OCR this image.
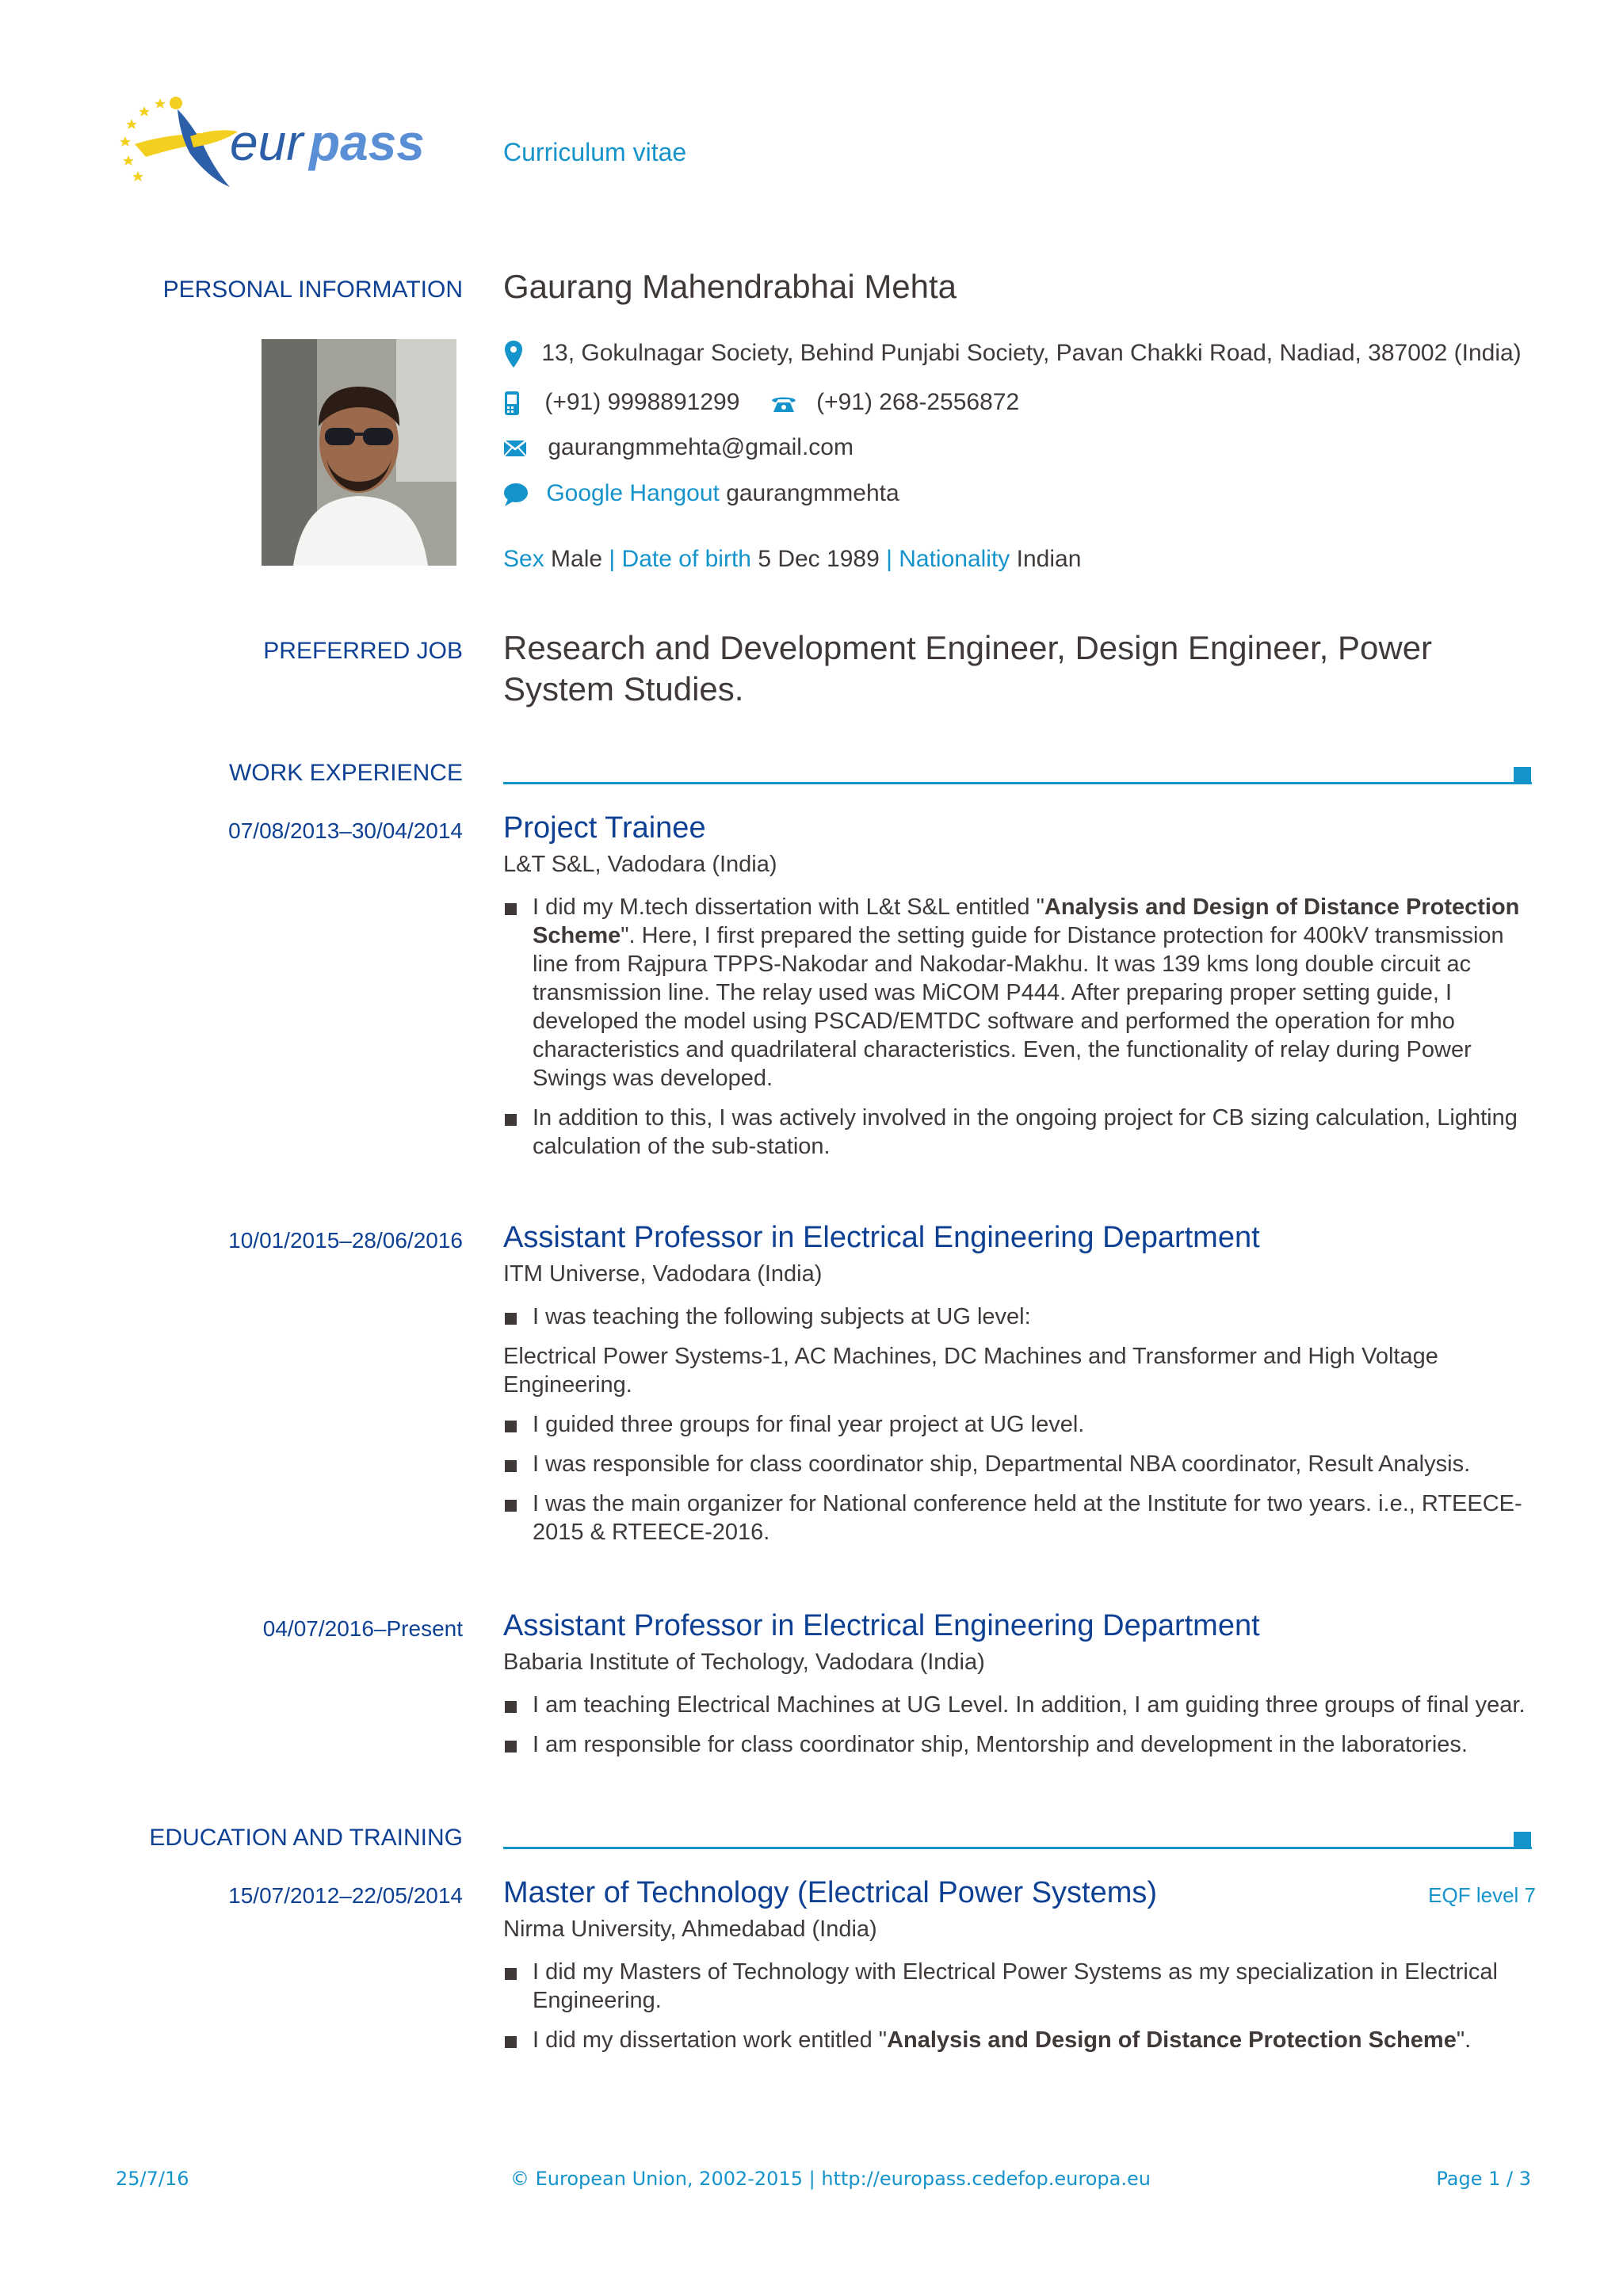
eur pass	Curriculum vitae
PERSONAL INFORMATION Gaurang Mahendrabhai Mehta
13, Gokulnagar Society, Behind Punjabi Society, Pavan Chakki Road, Nadiad, 387002 (India)
(+91) 9998891299	(+91) 268-2556872
gaurangmmehta@gmail.com
Google Hangout gaurangmmehta
Sex Male | Date of birth 5 Dec 1989 | Nationality Indian
PREFERRED JOB Research and Development Engineer, Design Engineer, Power
System Studies.
WORK EXPERIENCE
07/08/2013–30/04/2014 Project Trainee
L&T S&L, Vadodara (India)
I did my M.tech dissertation with L&t S&L entitled "Analysis and Design of Distance Protection Scheme". Here, I first prepared the setting guide for Distance protection for 400kV transmission line from Rajpura TPPS-Nakodar and Nakodar-Makhu. It was 139 kms long double circuit ac transmission line. The relay used was MiCOM P444. After preparing proper setting guide, I developed the model using PSCAD/EMTDC software and performed the operation for mho characteristics and quadrilateral characteristics. Even, the functionality of relay during Power Swings was developed.
In addition to this, I was actively involved in the ongoing project for CB sizing calculation, Lighting calculation of the sub-station.
10/01/2015–28/06/2016 Assistant Professor in Electrical Engineering Department
ITM Universe, Vadodara (India)
I was teaching the following subjects at UG level:
Electrical Power Systems-1, AC Machines, DC Machines and Transformer and High Voltage Engineering.
I guided three groups for final year project at UG level.
I was responsible for class coordinator ship, Departmental NBA coordinator, Result Analysis.
I was the main organizer for National conference held at the Institute for two years. i.e., RTEECE-2015 & RTEECE-2016.
04/07/2016–Present Assistant Professor in Electrical Engineering Department
Babaria Institute of Techology, Vadodara (India)
I am teaching Electrical Machines at UG Level. In addition, I am guiding three groups of final year.
I am responsible for class coordinator ship, Mentorship and development in the laboratories.
EDUCATION AND TRAINING
15/07/2012–22/05/2014 Master of Technology (Electrical Power Systems)	EQF level 7
Nirma University, Ahmedabad (India)
I did my Masters of Technology with Electrical Power Systems as my specialization in Electrical Engineering.
I did my dissertation work entitled "Analysis and Design of Distance Protection Scheme".
25/7/16	© European Union, 2002-2015 | http://europass.cedefop.europa.eu	Page 1 / 3
